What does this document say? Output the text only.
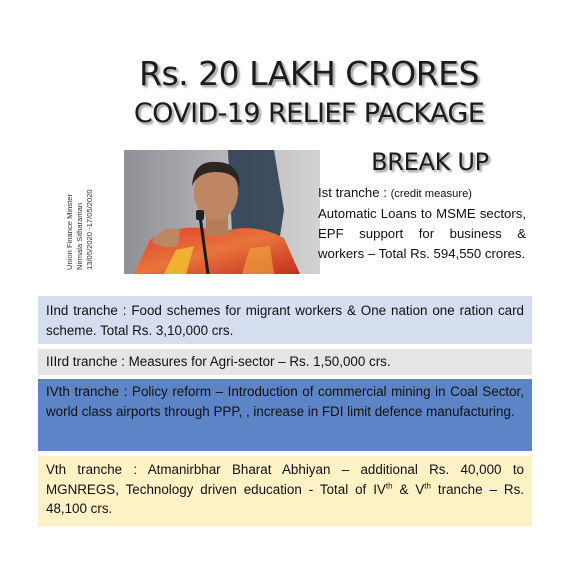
Rs. 20 LAKH CRORES
COVID-19 RELIEF PACKAGE
BREAK UP
Union Finance Minster Nirmala Sitharaman 13/05/2020 -17/05/2020	Ist tranche : (credit measure)
Automatic Loans to MSME sectors, EPF support for business & workers – Total Rs. 594,550 crores.
IInd tranche : Food schemes for migrant workers & One nation one ration card scheme. Total Rs. 3,10,000 crs.
IIIrd tranche : Measures for Agri-sector – Rs. 1,50,000 crs.
IVth tranche : Policy reform – Introduction of commercial mining in Coal Sector, world class airports through PPP, , increase in FDI limit defence manufacturing.
Vth tranche : Atmanirbhar Bharat Abhiyan – additional Rs. 40,000 to MGNREGS, Technology driven education - Total of IVth & Vth tranche – Rs. 48,100 crs.
